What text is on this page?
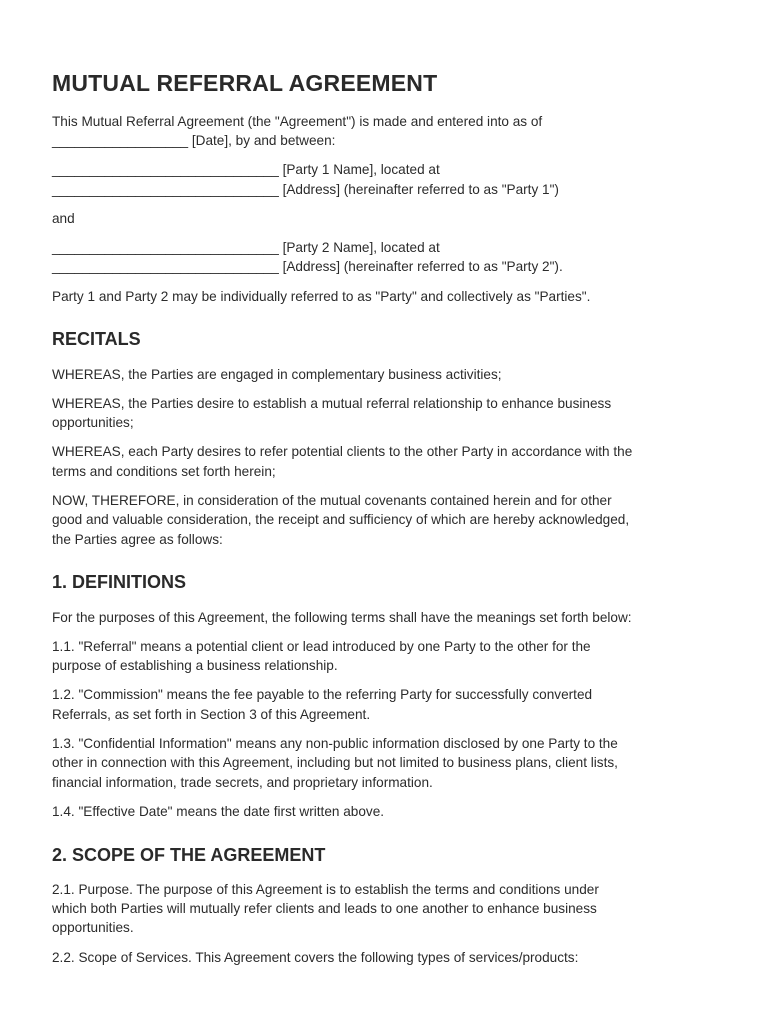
MUTUAL REFERRAL AGREEMENT

This Mutual Referral Agreement (the "Agreement") is made and entered into as of

__________________ [Date], by and between:

______________________________ [Party 1 Name], located at

______________________________ [Address] (hereinafter referred to as "Party 1")

and

______________________________ [Party 2 Name], located at

______________________________ [Address] (hereinafter referred to as "Party 2").

Party 1 and Party 2 may be individually referred to as "Party" and collectively as "Parties".

RECITALS

WHEREAS, the Parties are engaged in complementary business activities;

WHEREAS, the Parties desire to establish a mutual referral relationship to enhance business

opportunities;

WHEREAS, each Party desires to refer potential clients to the other Party in accordance with the

terms and conditions set forth herein;

NOW, THEREFORE, in consideration of the mutual covenants contained herein and for other

good and valuable consideration, the receipt and sufficiency of which are hereby acknowledged,

the Parties agree as follows:

1. DEFINITIONS

For the purposes of this Agreement, the following terms shall have the meanings set forth below:

1.1. "Referral" means a potential client or lead introduced by one Party to the other for the

purpose of establishing a business relationship.

1.2. "Commission" means the fee payable to the referring Party for successfully converted

Referrals, as set forth in Section 3 of this Agreement.

1.3. "Confidential Information" means any non-public information disclosed by one Party to the

other in connection with this Agreement, including but not limited to business plans, client lists,

financial information, trade secrets, and proprietary information.

1.4. "Effective Date" means the date first written above.

2. SCOPE OF THE AGREEMENT

2.1. Purpose. The purpose of this Agreement is to establish the terms and conditions under

which both Parties will mutually refer clients and leads to one another to enhance business

opportunities.

2.2. Scope of Services. This Agreement covers the following types of services/products:
